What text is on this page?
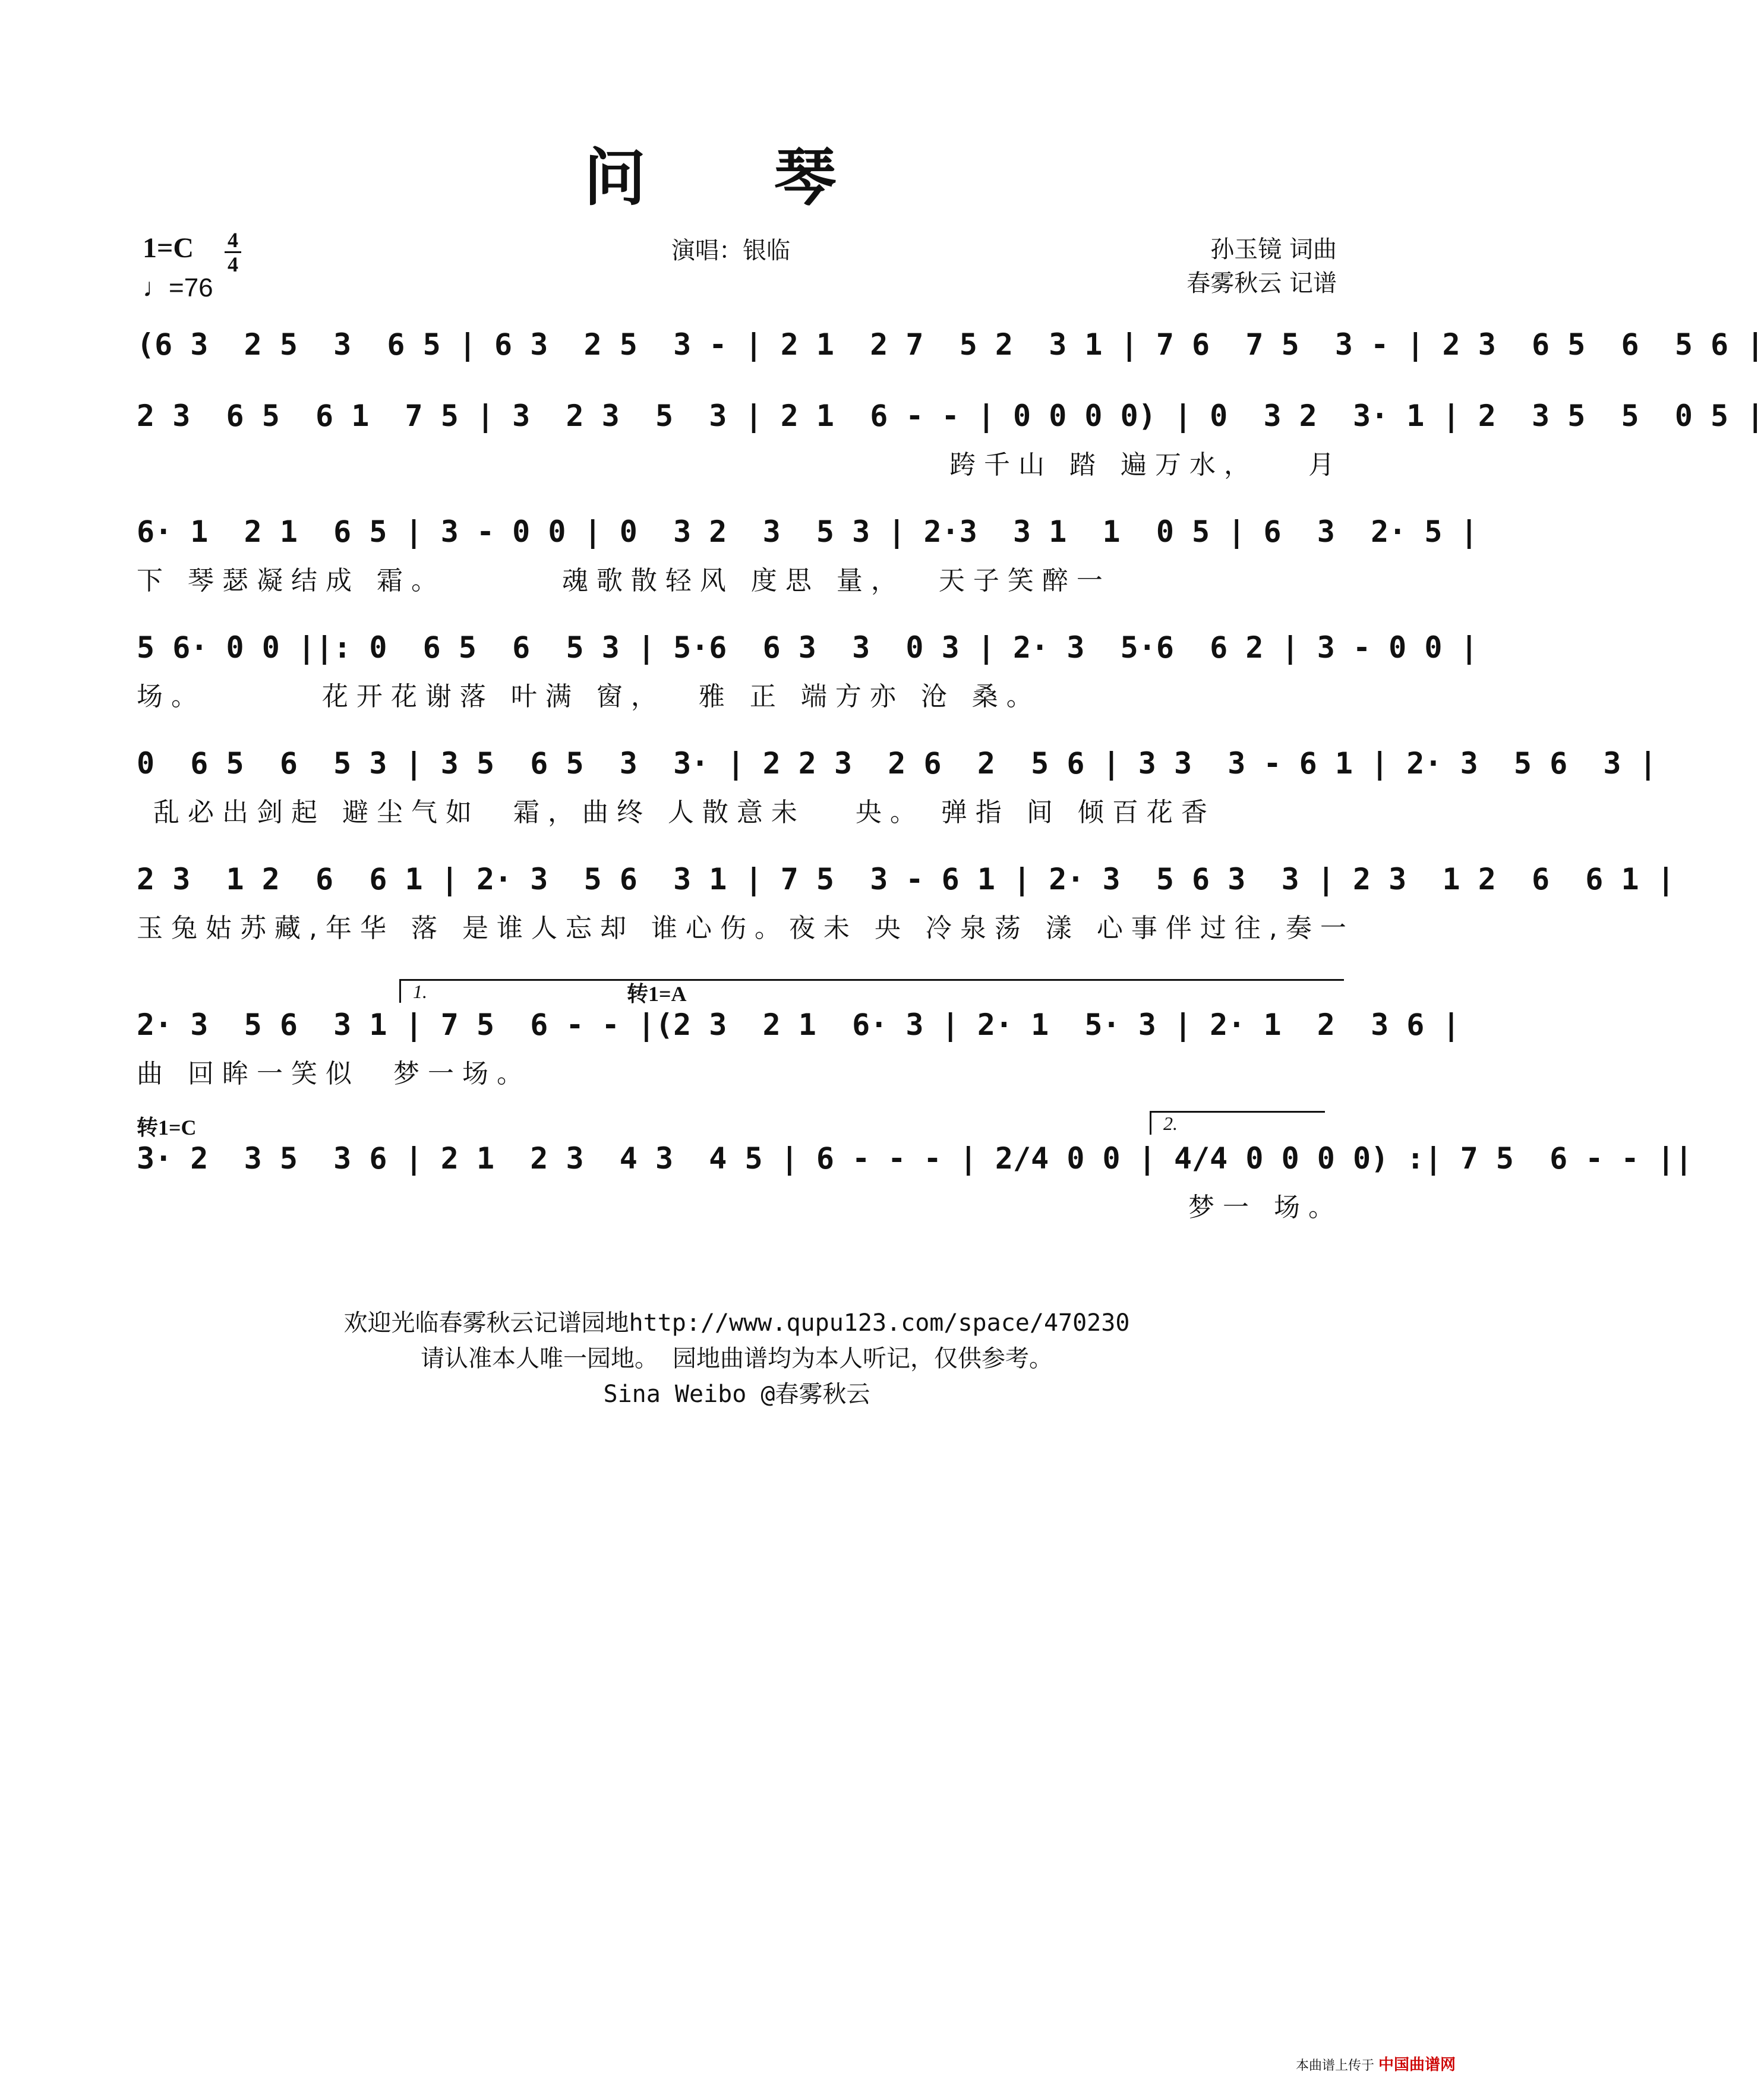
问 琴
1=C 4
4
♩=76
演唱：银临	孙玉镜 词曲
春雾秋云 记谱
(6 3  2 5  3  6 5 | 6 3  2 5  3 - | 2 1  2 7  5 2  3 1 | 7 6  7 5  3 - | 2 3  6 5  6  5 6 |
2 3  6 5  6 1  7 5 | 3  2 3  5  3 | 2 1  6 - - | 0 0 0 0) | 0  3 2  3· 1 | 2  3 5  5  0 5 |
跨千山 踏 遍万水，   月
6· 1  2 1  6 5 | 3 - 0 0 | 0  3 2  3  5 3 | 2·3  3 1  1  0 5 | 6  3  2· 5 |
下 琴瑟凝结成 霜。       魂歌散轻风 度思 量，  天子笑醉一
5 6· 0 0 ||: 0  6 5  6  5 3 | 5·6  6 3  3  0 3 | 2· 3  5·6  6 2 | 3 - 0 0 |
场。       花开花谢落 叶满 窗，  雅 正 端方亦 沧 桑。
0  6 5  6  5 3 | 3 5  6 5  3  3· | 2 2 3  2 6  2  5 6 | 3 3  3 - 6 1 | 2· 3  5 6  3 |
乱必出剑起 避尘气如  霜，曲终 人散意未   央。 弹指 间 倾百花香
2 3  1 2  6  6 1 | 2· 3  5 6  3 1 | 7 5  3 - 6 1 | 2· 3  5 6 3  3 | 2 3  1 2  6  6 1 |
玉兔姑苏藏,年华 落 是谁人忘却 谁心伤。夜未 央 冷泉荡 漾 心事伴过往,奏一
1.	转1=A
2· 3  5 6  3 1 | 7 5  6 - - |(2 3  2 1  6· 3 | 2· 1  5· 3 | 2· 1  2  3 6 |
曲 回眸一笑似  梦一场。
转1=C	2.
3· 2  3 5  3 6 | 2 1  2 3  4 3  4 5 | 6 - - - | 2/4 0 0 | 4/4 0 0 0 0) :| 7 5  6 - - ||
梦一 场。
欢迎光临春雾秋云记谱园地http://www.qupu123.com/space/470230
请认准本人唯一园地。 园地曲谱均为本人听记，仅供参考。
Sina Weibo @春雾秋云
本曲谱上传于 中国曲谱网
